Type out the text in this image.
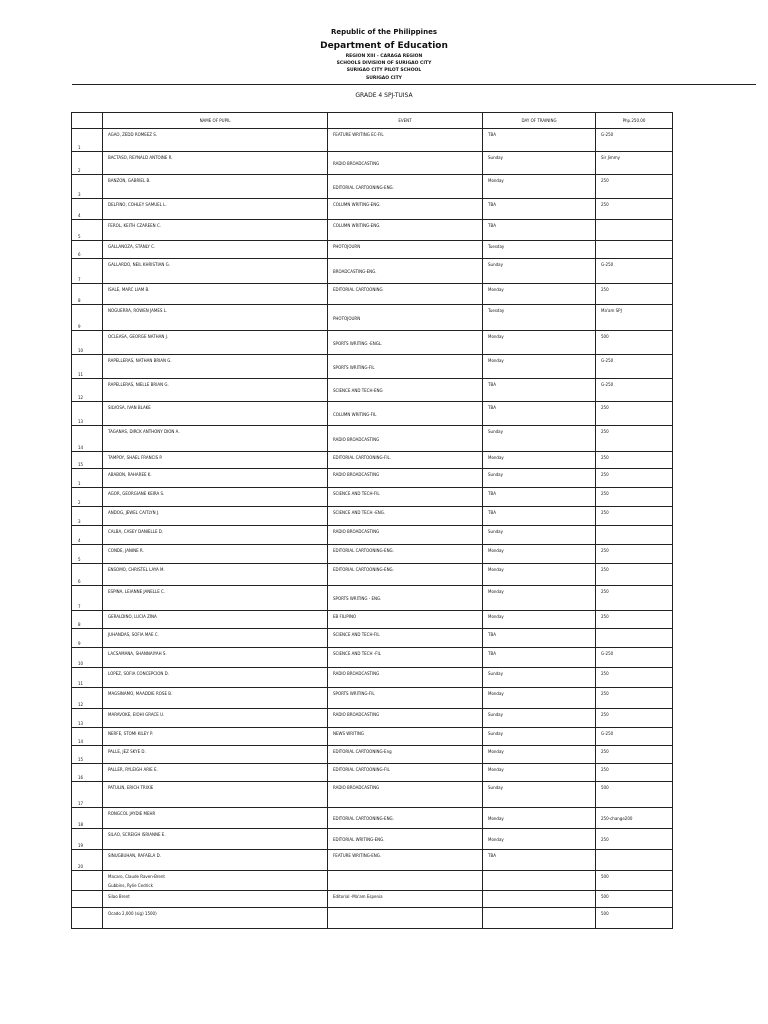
Republic of the Philippines
Department of Education
REGION XIII - CARAGA REGION
SCHOOLS DIVISION OF SURIGAO CITY
SURIGAO CITY PILOT SCHOOL
SURIGAO CITY
GRADE 4 SPJ-TUISA
	NAME OF PUPIL	EVENT	DAY OF TRAINING	Php.250.00

1	AGAO, ZEDD ROMEEZ S.	FEATURE WRITING EC-FIL	TBA	G-250

2	BACTASO, REYNALD ANTOINE R.	RADIO BROADCASTING	Sunday	Sir Jimmy

3	BANZON, GABRIEL B.	EDITORIAL CARTOONING-ENG.	Monday	250

4	DELFINO, COHLEY SAMUEL L.	COLUMN WRITING-ENG.	TBA	250

5	FEROL, KEITH CZAREEN C.	COLUMN WRITING-ENG.	TBA	

6	GALLANOZA, STANLY C.	PHOTOJOURN	Tuesday	

7	GALLARDO, NEIL KHRISTIAN G.	BROADCASTING-ENG.	Sunday	G-250

8	ISALE, MARC LIAM B.	EDITORIAL CARTOONING	Monday	250

9	NOGUERRA, ROWEN JAMES L.	PHOTOJOURN	Tuesday	Ma'am SPJ

10	OCLEASA, GEORGE NATHAN J.	SPORTS WRITING -ENGL.	Monday	500

11	RAPELLERAS, NATHAN BRIAN G.	SPORTS WRITING-FIL	Monday	G-250

12	RAPELLERAS, NIELLE BRIAN G.	SCIENCE AND TECH-ENG	TBA	G-250

13	SILVOSA, IVAN BLAKE	COLUMN WRITING-FIL	TBA	250

14	TAGANAS, DIRCK ANTHONY DION A.	RADIO BROADCASTING	Sunday	250

15	TAMPOY, SHAEL FRANCIS P.	EDITORIAL CARTOONING-FIL.	Monday	250

1	ABABON, RAHAREE K.	RADIO BROADCASTING	Sunday	250

2	AGOR, GEORGIANE KEIRA S.	SCIENCE AND TECH-FIL	TBA	250

3	ANDOG, JEWEL CAITLYN J.	SCIENCE AND TECH -ENG.	TBA	250

4	CALBA, CASEY DANIELLE D.	RADIO BROADCASTING	Sunday	

5	CONDE, JANINE R.	EDITORIAL CARTOONING-ENG.	Monday	250

6	ENSOMO, CHRISTEL LAYA M.	EDITORIAL CARTOONING-ENG.	Monday	250

7	ESPINA, LEIANNE JANELLE C.	SPORTS WRITING - ENG.	Monday	250

8	GERALDINO, LUCIA ZINA	EB FILIPINO	Monday	250

9	JUHANDAS, SOFIA MAE C.	SCIENCE AND TECH-FIL	TBA	

10	LACSAMANA, SHANNAIYAH S.	SCIENCE AND TECH -FIL	TBA	G-250

11	LOPEZ, SOFIA CONCEPCION D.	RADIO BROADCASTING	Sunday	250

12	MAGSINAMO, MAADDIE ROSE B.	SPORTS WRITING-FIL	Monday	250

13	MARAVOKE, EIOHI GRACE U.	RADIO BROADCASTING	Sunday	250

14	NERFE, STOMI KILEY P.	NEWS WRITING	Sunday	G-250

15	PALLE, JEZ SKYE D.	EDITORIAL CARTOONING-Eng	Monday	250

16	PALLER, RYLEIGH ARIE E.	EDITORIAL CARTOONING-FIL	Monday	250

17	PATULIN, ERICH TRIXIE	RADIO BROADCASTING	Sunday	500

18	RONGCOL JAYDIE MEHR	EDITORIAL CARTOONING-ENG.	Monday	250-change200

19	SILAO, SCREIGH ISRIANNE E.	EDITORIAL WRITING-ENG.	Monday	250

20	SINUGBUHAN, RAFAELA D.	FEATURE WRITING-ENG.	TBA	

	Macaro, Claude Raven-Brent
Gubbins, Rylie Cedrick			500

	Silao Brent	Editorial -Ma'am Espenia		500

	Ocado 2,000 (sig) 1500)			500
